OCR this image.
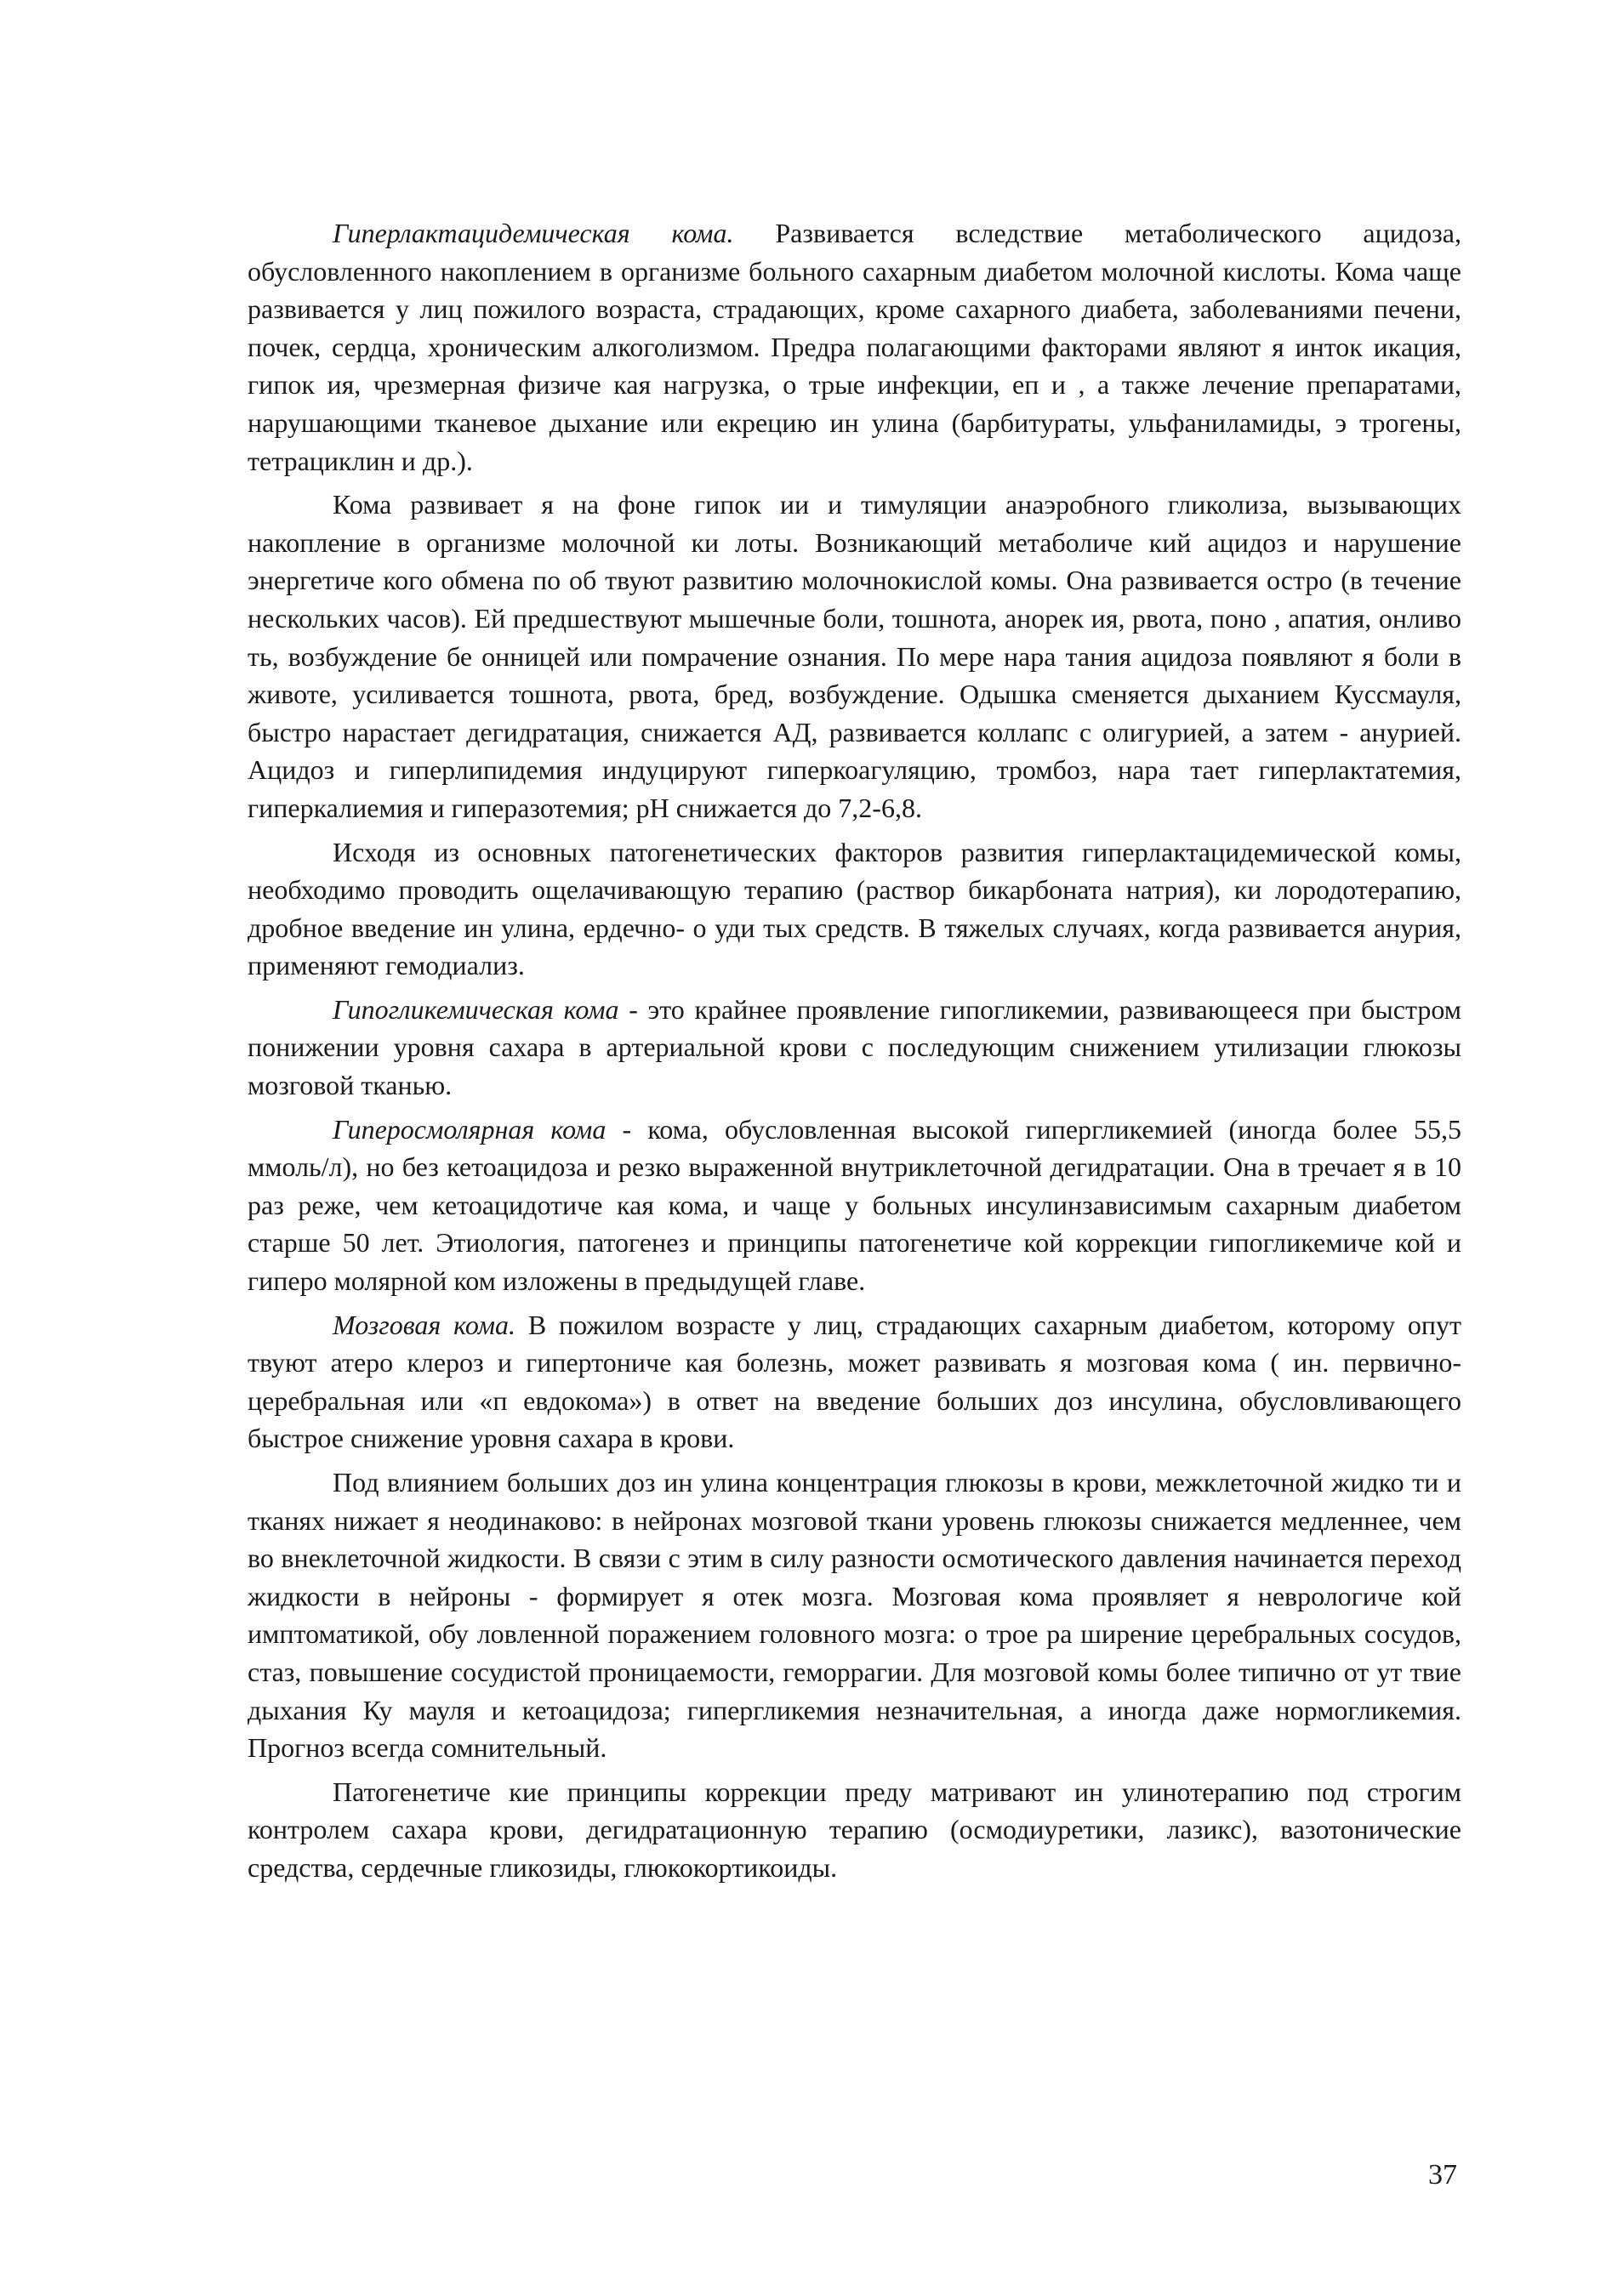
Гиперлактацидемическая кома. Развивается вследствие метаболического ацидоза, обусловленного накоплением в организме больного сахарным диабетом молочной кислоты. Кома чаще развивается у лиц пожилого возраста, страдающих, кроме сахарного диабета, заболеваниями печени, почек, сердца, хроническим алкоголизмом. Предра полагающими факторами являют я инток икация, гипок ия, чрезмерная физиче кая нагрузка, о трые инфекции, еп и , а также лечение препаратами, нарушающими тканевое дыхание или екрецию ин улина (барбитураты, ульфаниламиды, э трогены, тетрациклин и др.).

Кома развивает я на фоне гипок ии и тимуляции анаэробного гликолиза, вызывающих накопление в организме молочной ки лоты. Возникающий метаболиче кий ацидоз и нарушение энергетиче кого обмена по об твуют развитию молочнокислой комы. Она развивается остро (в течение нескольких часов). Ей предшествуют мышечные боли, тошнота, анорек ия, рвота, поно , апатия, онливо ть, возбуждение бе онницей или помрачение ознания. По мере нара тания ацидоза появляют я боли в животе, усиливается тошнота, рвота, бред, возбуждение. Одышка сменяется дыханием Куссмауля, быстро нарастает дегидратация, снижается АД, развивается коллапс с олигурией, а затем - анурией. Ацидоз и гиперлипидемия индуцируют гиперкоагуляцию, тромбоз, нара тает гиперлактатемия, гиперкалиемия и гиперазотемия; рН снижается до 7,2-6,8.

Исходя из основных патогенетических факторов развития гиперлактацидемической комы, необходимо проводить ощелачивающую терапию (раствор бикарбоната натрия), ки лородотерапию, дробное введение ин улина, ердечно- о уди тых средств. В тяжелых случаях, когда развивается анурия, применяют гемодиализ.

Гипогликемическая кома - это крайнее проявление гипогликемии, развивающееся при быстром понижении уровня сахара в артериальной крови с последующим снижением утилизации глюкозы мозговой тканью.

Гиперосмолярная кома - кома, обусловленная высокой гипергликемией (иногда более 55,5 ммоль/л), но без кетоацидоза и резко выраженной внутриклеточной дегидратации. Она в тречает я в 10 раз реже, чем кетоацидотиче кая кома, и чаще у больных инсулинзависимым сахарным диабетом старше 50 лет. Этиология, патогенез и принципы патогенетиче кой коррекции гипогликемиче кой и гиперо молярной ком изложены в предыдущей главе.

Мозговая кома. В пожилом возрасте у лиц, страдающих сахарным диабетом, которому опут твуют атеро клероз и гипертониче кая болезнь, может развивать я мозговая кома ( ин. первично-церебральная или «п евдокома») в ответ на введение больших доз инсулина, обусловливающего быстрое снижение уровня сахара в крови.

Под влиянием больших доз ин улина концентрация глюкозы в крови, межклеточной жидко ти и тканях нижает я неодинаково: в нейронах мозговой ткани уровень глюкозы снижается медленнее, чем во внеклеточной жидкости. В связи с этим в силу разности осмотического давления начинается переход жидкости в нейроны - формирует я отек мозга. Мозговая кома проявляет я неврологиче кой имптоматикой, обу ловленной поражением головного мозга: о трое ра ширение церебральных сосудов, стаз, повышение сосудистой проницаемости, геморрагии. Для мозговой комы более типично от ут твие дыхания Ку мауля и кетоацидоза; гипергликемия незначительная, а иногда даже нормогликемия. Прогноз всегда сомнительный.

Патогенетиче кие принципы коррекции преду матривают ин улинотерапию под строгим контролем сахара крови, дегидратационную терапию (осмодиуретики, лазикс), вазотонические средства, сердечные гликозиды, глюкокортикоиды.

37
